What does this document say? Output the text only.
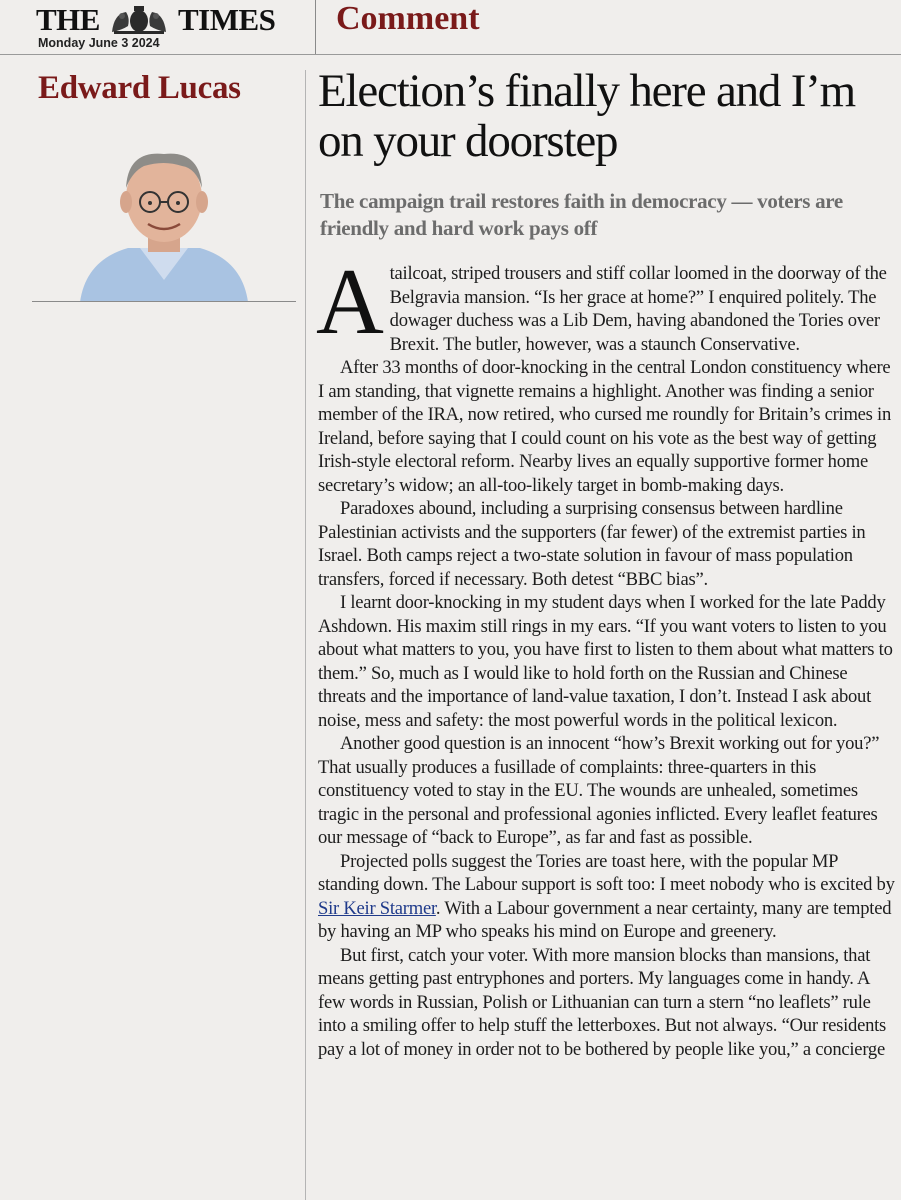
THE	TIMES
Monday June 3 2024
Comment
Edward Lucas Election’s finally here and I’m on your doorstep
The campaign trail restores faith in democracy — voters are friendly and hard work pays off

Atailcoat, striped trousers and stiff collar loomed in the doorway of the Belgravia mansion. “Is her grace at home?” I enquired politely. The dowager duchess was a Lib Dem, having abandoned the Tories over Brexit. The butler, however, was a staunch Conservative.

After 33 months of door-knocking in the central London constituency where I am standing, that vignette remains a highlight. Another was finding a senior member of the IRA, now retired, who cursed me roundly for Britain’s crimes in Ireland, before saying that I could count on his vote as the best way of getting Irish-style electoral reform. Nearby lives an equally supportive former home secretary’s widow; an all-too-likely target in bomb-making days.

Paradoxes abound, including a surprising consensus between hardline Palestinian activists and the supporters (far fewer) of the extremist parties in Israel. Both camps reject a two-state solution in favour of mass population transfers, forced if necessary. Both detest “BBC bias”.

I learnt door-knocking in my student days when I worked for the late Paddy Ashdown. His maxim still rings in my ears. “If you want voters to listen to you about what matters to you, you have first to listen to them about what matters to them.” So, much as I would like to hold forth on the Russian and Chinese threats and the importance of land-value taxation, I don’t. Instead I ask about noise, mess and safety: the most powerful words in the political lexicon.

Another good question is an innocent “how’s Brexit working out for you?” That usually produces a fusillade of complaints: three-quarters in this constituency voted to stay in the EU. The wounds are unhealed, sometimes tragic in the personal and professional agonies inflicted. Every leaflet features our message of “back to Europe”, as far and fast as possible.

Projected polls suggest the Tories are toast here, with the popular MP standing down. The Labour support is soft too: I meet nobody who is excited by Sir Keir Starmer. With a Labour government a near certainty, many are tempted by having an MP who speaks his mind on Europe and greenery.

But first, catch your voter. With more mansion blocks than mansions, that means getting past entryphones and porters. My languages come in handy. A few words in Russian, Polish or Lithuanian can turn a stern “no leaflets” rule into a smiling offer to help stuff the letterboxes. But not always. “Our residents pay a lot of money in order not to be bothered by people like you,” a concierge
